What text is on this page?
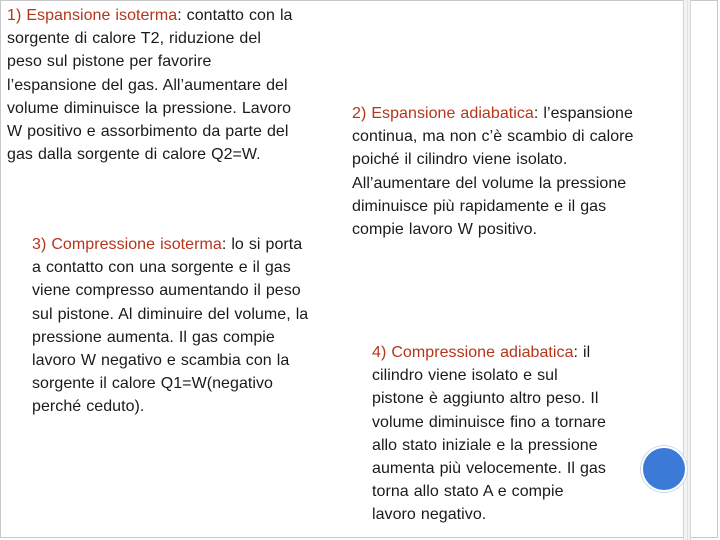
1) Espansione isoterma: contatto con la
sorgente di calore T2, riduzione del
peso sul pistone per favorire
l’espansione del gas. All’aumentare del
volume diminuisce la pressione. Lavoro
W positivo e assorbimento da parte del
gas dalla sorgente di calore Q2=W.
2) Espansione adiabatica: l’espansione
continua, ma non c’è scambio di calore
poiché il cilindro viene isolato.
All’aumentare del volume la pressione
diminuisce più rapidamente e il gas
compie lavoro W positivo.
3) Compressione isoterma: lo si porta
a contatto con una sorgente e il gas
viene compresso aumentando il peso
sul pistone. Al diminuire del volume, la
pressione aumenta. Il gas compie
lavoro W negativo e scambia con la
sorgente il calore Q1=W(negativo
perché ceduto).
4) Compressione adiabatica: il
cilindro viene isolato e sul
pistone è aggiunto altro peso. Il
volume diminuisce fino a tornare
allo stato iniziale e la pressione
aumenta più velocemente. Il gas
torna allo stato A e compie
lavoro negativo.
